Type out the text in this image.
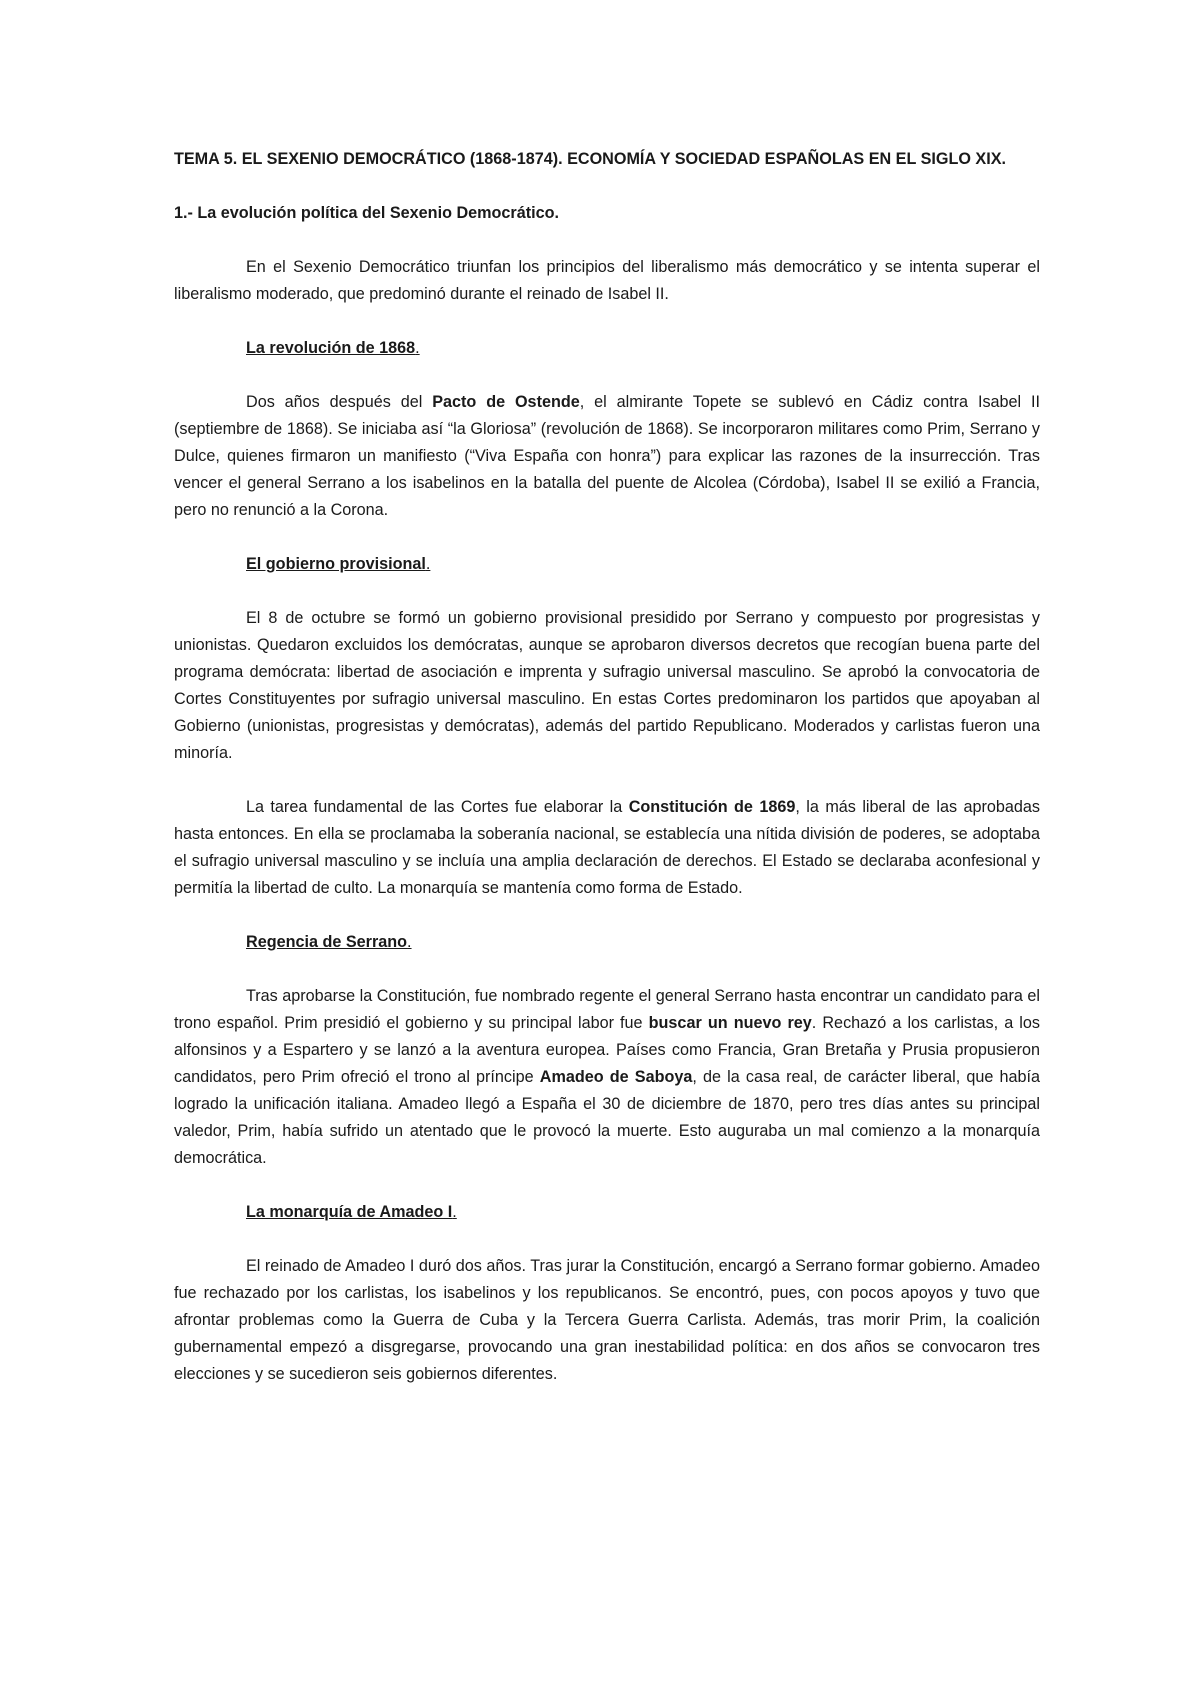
TEMA 5. EL SEXENIO DEMOCRÁTICO (1868-1874). ECONOMÍA Y SOCIEDAD ESPAÑOLAS EN EL SIGLO XIX.
1.- La evolución política del Sexenio Democrático.

En el Sexenio Democrático triunfan los principios del liberalismo más democrático y se intenta superar el liberalismo moderado, que predominó durante el reinado de Isabel II.

La revolución de 1868.

Dos años después del Pacto de Ostende, el almirante Topete se sublevó en Cádiz contra Isabel II (septiembre de 1868). Se iniciaba así “la Gloriosa” (revolución de 1868). Se incorporaron militares como Prim, Serrano y Dulce, quienes firmaron un manifiesto (“Viva España con honra”) para explicar las razones de la insurrección. Tras vencer el general Serrano a los isabelinos en la batalla del puente de Alcolea (Córdoba), Isabel II se exilió a Francia, pero no renunció a la Corona.

El gobierno provisional.

El 8 de octubre se formó un gobierno provisional presidido por Serrano y compuesto por progresistas y unionistas. Quedaron excluidos los demócratas, aunque se aprobaron diversos decretos que recogían buena parte del programa demócrata: libertad de asociación e imprenta y sufragio universal masculino. Se aprobó la convocatoria de Cortes Constituyentes por sufragio universal masculino. En estas Cortes predominaron los partidos que apoyaban al Gobierno (unionistas, progresistas y demócratas), además del partido Republicano. Moderados y carlistas fueron una minoría.

La tarea fundamental de las Cortes fue elaborar la Constitución de 1869, la más liberal de las aprobadas hasta entonces. En ella se proclamaba la soberanía nacional, se establecía una nítida división de poderes, se adoptaba el sufragio universal masculino y se incluía una amplia declaración de derechos. El Estado se declaraba aconfesional y permitía la libertad de culto. La monarquía se mantenía como forma de Estado.

Regencia de Serrano.

Tras aprobarse la Constitución, fue nombrado regente el general Serrano hasta encontrar un candidato para el trono español. Prim presidió el gobierno y su principal labor fue buscar un nuevo rey. Rechazó a los carlistas, a los alfonsinos y a Espartero y se lanzó a la aventura europea. Países como Francia, Gran Bretaña y Prusia propusieron candidatos, pero Prim ofreció el trono al príncipe Amadeo de Saboya, de la casa real, de carácter liberal, que había logrado la unificación italiana. Amadeo llegó a España el 30 de diciembre de 1870, pero tres días antes su principal valedor, Prim, había sufrido un atentado que le provocó la muerte. Esto auguraba un mal comienzo a la monarquía democrática.

La monarquía de Amadeo I.

El reinado de Amadeo I duró dos años. Tras jurar la Constitución, encargó a Serrano formar gobierno. Amadeo fue rechazado por los carlistas, los isabelinos y los republicanos. Se encontró, pues, con pocos apoyos y tuvo que afrontar problemas como la Guerra de Cuba y la Tercera Guerra Carlista. Además, tras morir Prim, la coalición gubernamental empezó a disgregarse, provocando una gran inestabilidad política: en dos años se convocaron tres elecciones y se sucedieron seis gobiernos diferentes.
